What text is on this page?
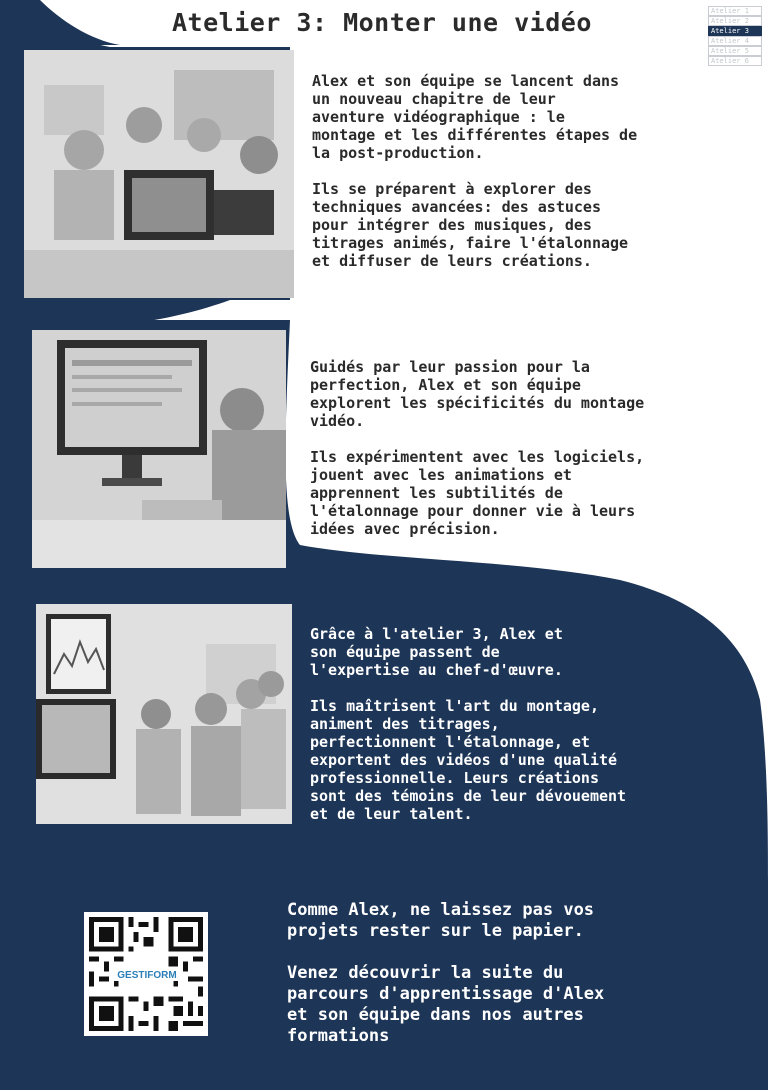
Atelier 3: Monter une vidéo	Atelier 1
Atelier 2
Atelier 3
Atelier 4
Atelier 5
Atelier 6

Alex et son équipe se lancent dans
un nouveau chapitre de leur
aventure vidéographique : le
montage et les différentes étapes de
la post-production.

Ils se préparent à explorer des
techniques avancées: des astuces
pour intégrer des musiques, des
titrages animés, faire l'étalonnage
et diffuser de leurs créations.

Guidés par leur passion pour la
perfection, Alex et son équipe
explorent les spécificités du montage
vidéo.

Ils expérimentent avec les logiciels,
jouent avec les animations et
apprennent les subtilités de
l'étalonnage pour donner vie à leurs
idées avec précision.

Grâce à l'atelier 3, Alex et
son équipe passent de
l'expertise au chef-d'œuvre.

Ils maîtrisent l'art du montage,
animent des titrages,
perfectionnent l'étalonnage, et
exportent des vidéos d'une qualité
professionnelle. Leurs créations
sont des témoins de leur dévouement
et de leur talent.

GESTIFORM

Comme Alex, ne laissez pas vos
projets rester sur le papier.

Venez découvrir la suite du
parcours d'apprentissage d'Alex
et son équipe dans nos autres
formations
